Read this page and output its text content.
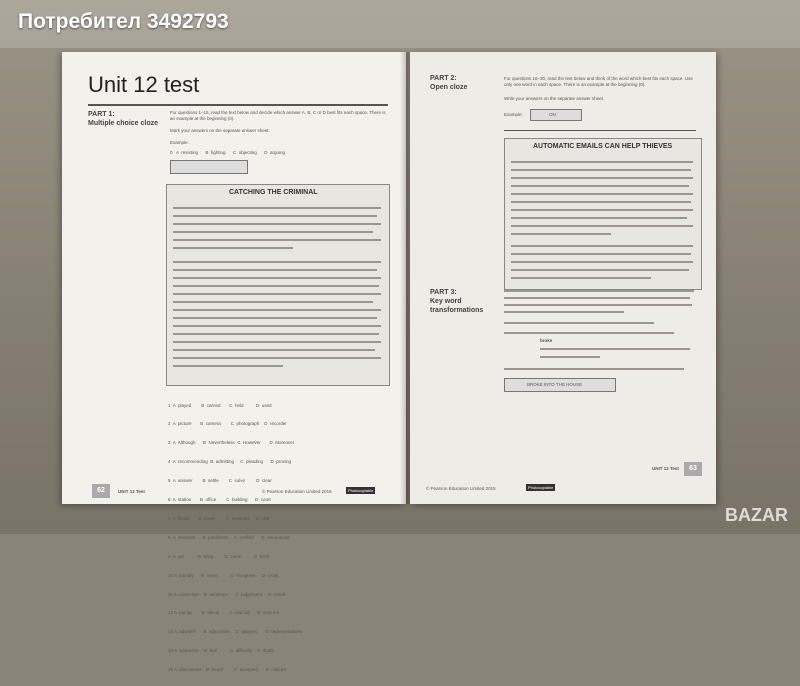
Потребител 3492793
Unit 12 test
PART 1:
Multiple choice cloze
For questions 1–15, read the text below and decide which answer A, B, C or D best fits each space. There is an example at the beginning (0).
Mark your answers on the separate answer sheet.
Example:
0   A  resisting      B  fighting      C  objecting      D  arguing
CATCHING THE CRIMINAL

1  A  played        B  carried       C  held          D  used

2  A  picture       B  camera        C  photograph    D  recorder

3  A  Although      B  Nevertheless  C  However       D  Moreover

4  A  recommending  B  admitting     C  pleading      D  proving

5  A  answer        B  settle        C  solve         D  clear

6  A  station       B  office        C  building      D  court

7  A  fiction       B  novel         C  inventors     D  plot

8  A  declared      B  published     C  notified      D  announced

9  A  get           B  bring         C  come          D  fetch

10 A  identify      B  name          C  recognise     D  recall

11 A  conviction    B  sentence      C  judgement     D  result

12 A  put up        B  set up        C  laid out      D  sent out

13 A  advisers      B  advocates     C  lawyers       D  representatives

14 A  suspicion     B  fear          C  difficulty    D  doubt

15 A  discovered    B  found         C  accepted      D  noticed

62	UNIT 12 Test	© Pearson Education Limited 2015	Photocopiable
PART 2:
Open cloze
For questions 16–30, read the text below and think of the word which best fits each space. Use only one word in each space. There is an example at the beginning (0).
Write your answers on the separate answer sheet.
Example:	ON
AUTOMATIC EMAILS CAN HELP THIEVES
PART 3:
Key word transformations
broke
BROKE INTO THE HOUSE
UNIT 12 Test	63
© Pearson Education Limited 2015	Photocopiable
BAZAR
